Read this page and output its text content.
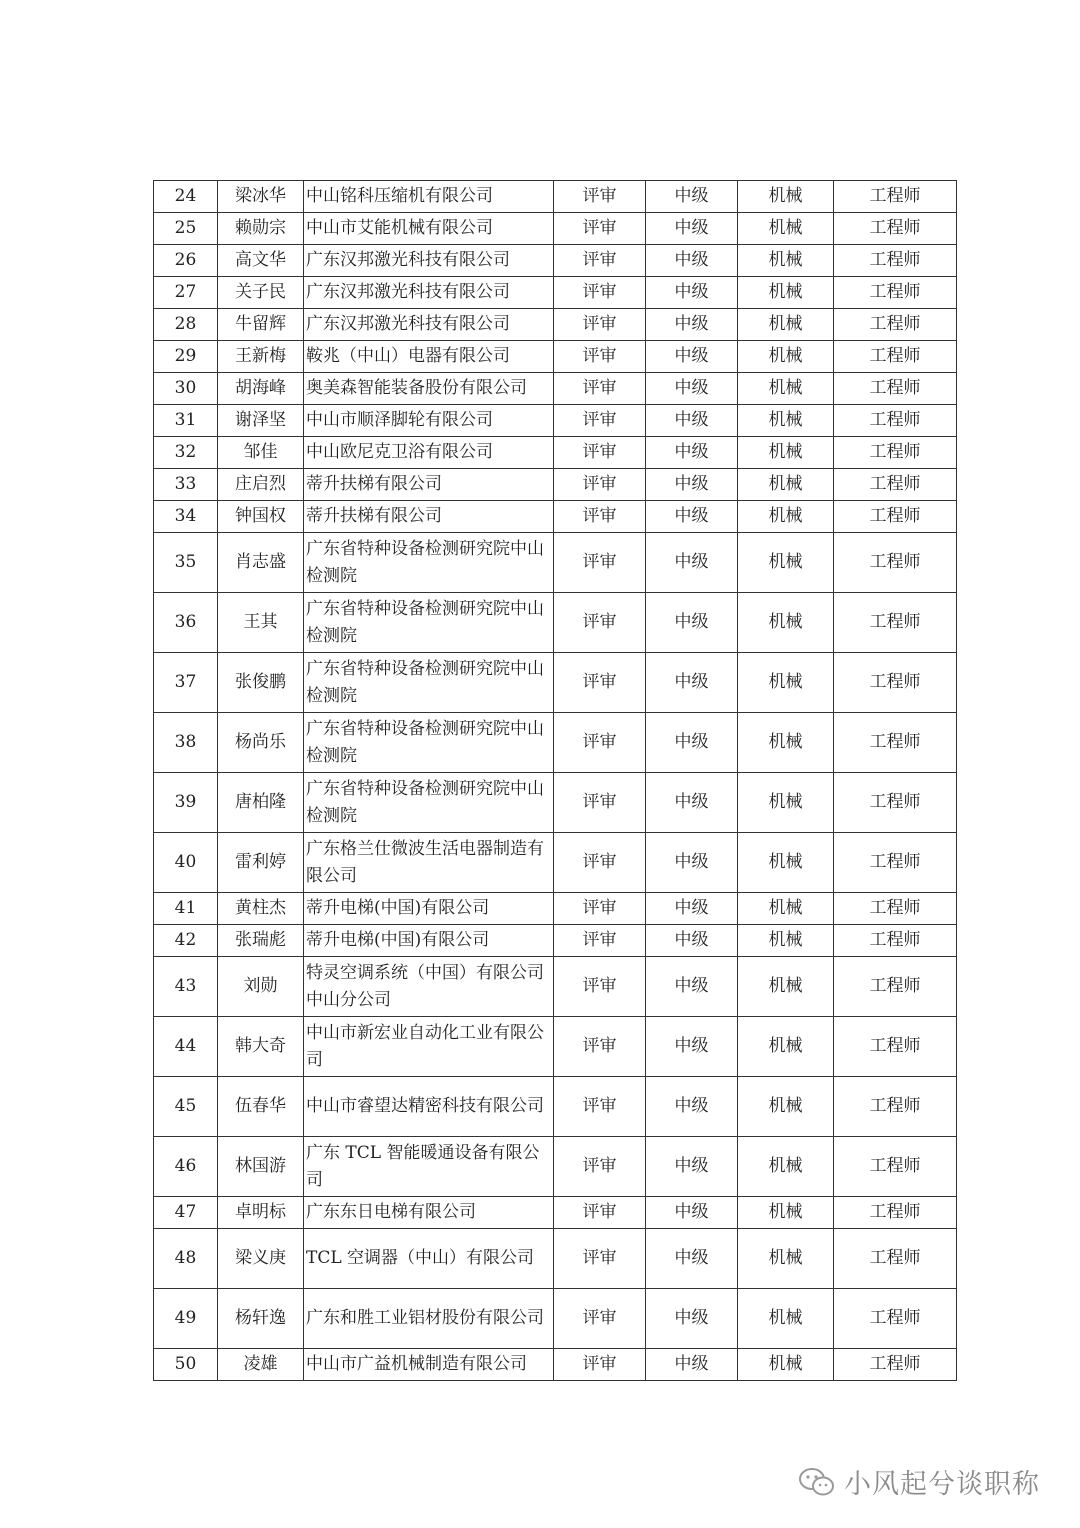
24	梁冰华	中山铭科压缩机有限公司	评审	中级	机械	工程师
25	赖勋宗	中山市艾能机械有限公司	评审	中级	机械	工程师
26	高文华	广东汉邦激光科技有限公司	评审	中级	机械	工程师
27	关子民	广东汉邦激光科技有限公司	评审	中级	机械	工程师
28	牛留辉	广东汉邦激光科技有限公司	评审	中级	机械	工程师
29	王新梅	鞍兆（中山）电器有限公司	评审	中级	机械	工程师
30	胡海峰	奥美森智能装备股份有限公司	评审	中级	机械	工程师
31	谢泽坚	中山市顺泽脚轮有限公司	评审	中级	机械	工程师
32	邹佳	中山欧尼克卫浴有限公司	评审	中级	机械	工程师
33	庄启烈	蒂升扶梯有限公司	评审	中级	机械	工程师
34	钟国权	蒂升扶梯有限公司	评审	中级	机械	工程师
35	肖志盛	广东省特种设备检测研究院中山检测院	评审	中级	机械	工程师
36	王其	广东省特种设备检测研究院中山检测院	评审	中级	机械	工程师
37	张俊鹏	广东省特种设备检测研究院中山检测院	评审	中级	机械	工程师
38	杨尚乐	广东省特种设备检测研究院中山检测院	评审	中级	机械	工程师
39	唐柏隆	广东省特种设备检测研究院中山检测院	评审	中级	机械	工程师
40	雷利婷	广东格兰仕微波生活电器制造有限公司	评审	中级	机械	工程师
41	黄柱杰	蒂升电梯(中国)有限公司	评审	中级	机械	工程师
42	张瑞彪	蒂升电梯(中国)有限公司	评审	中级	机械	工程师
43	刘勋	特灵空调系统（中国）有限公司中山分公司	评审	中级	机械	工程师
44	韩大奇	中山市新宏业自动化工业有限公司	评审	中级	机械	工程师
45	伍春华	中山市睿望达精密科技有限公司	评审	中级	机械	工程师
46	林国游	广东 TCL 智能暖通设备有限公司	评审	中级	机械	工程师
47	卓明标	广东东日电梯有限公司	评审	中级	机械	工程师
48	梁义庚	TCL 空调器（中山）有限公司	评审	中级	机械	工程师
49	杨轩逸	广东和胜工业铝材股份有限公司	评审	中级	机械	工程师
50	凌雄	中山市广益机械制造有限公司	评审	中级	机械	工程师
小风起兮谈职称
